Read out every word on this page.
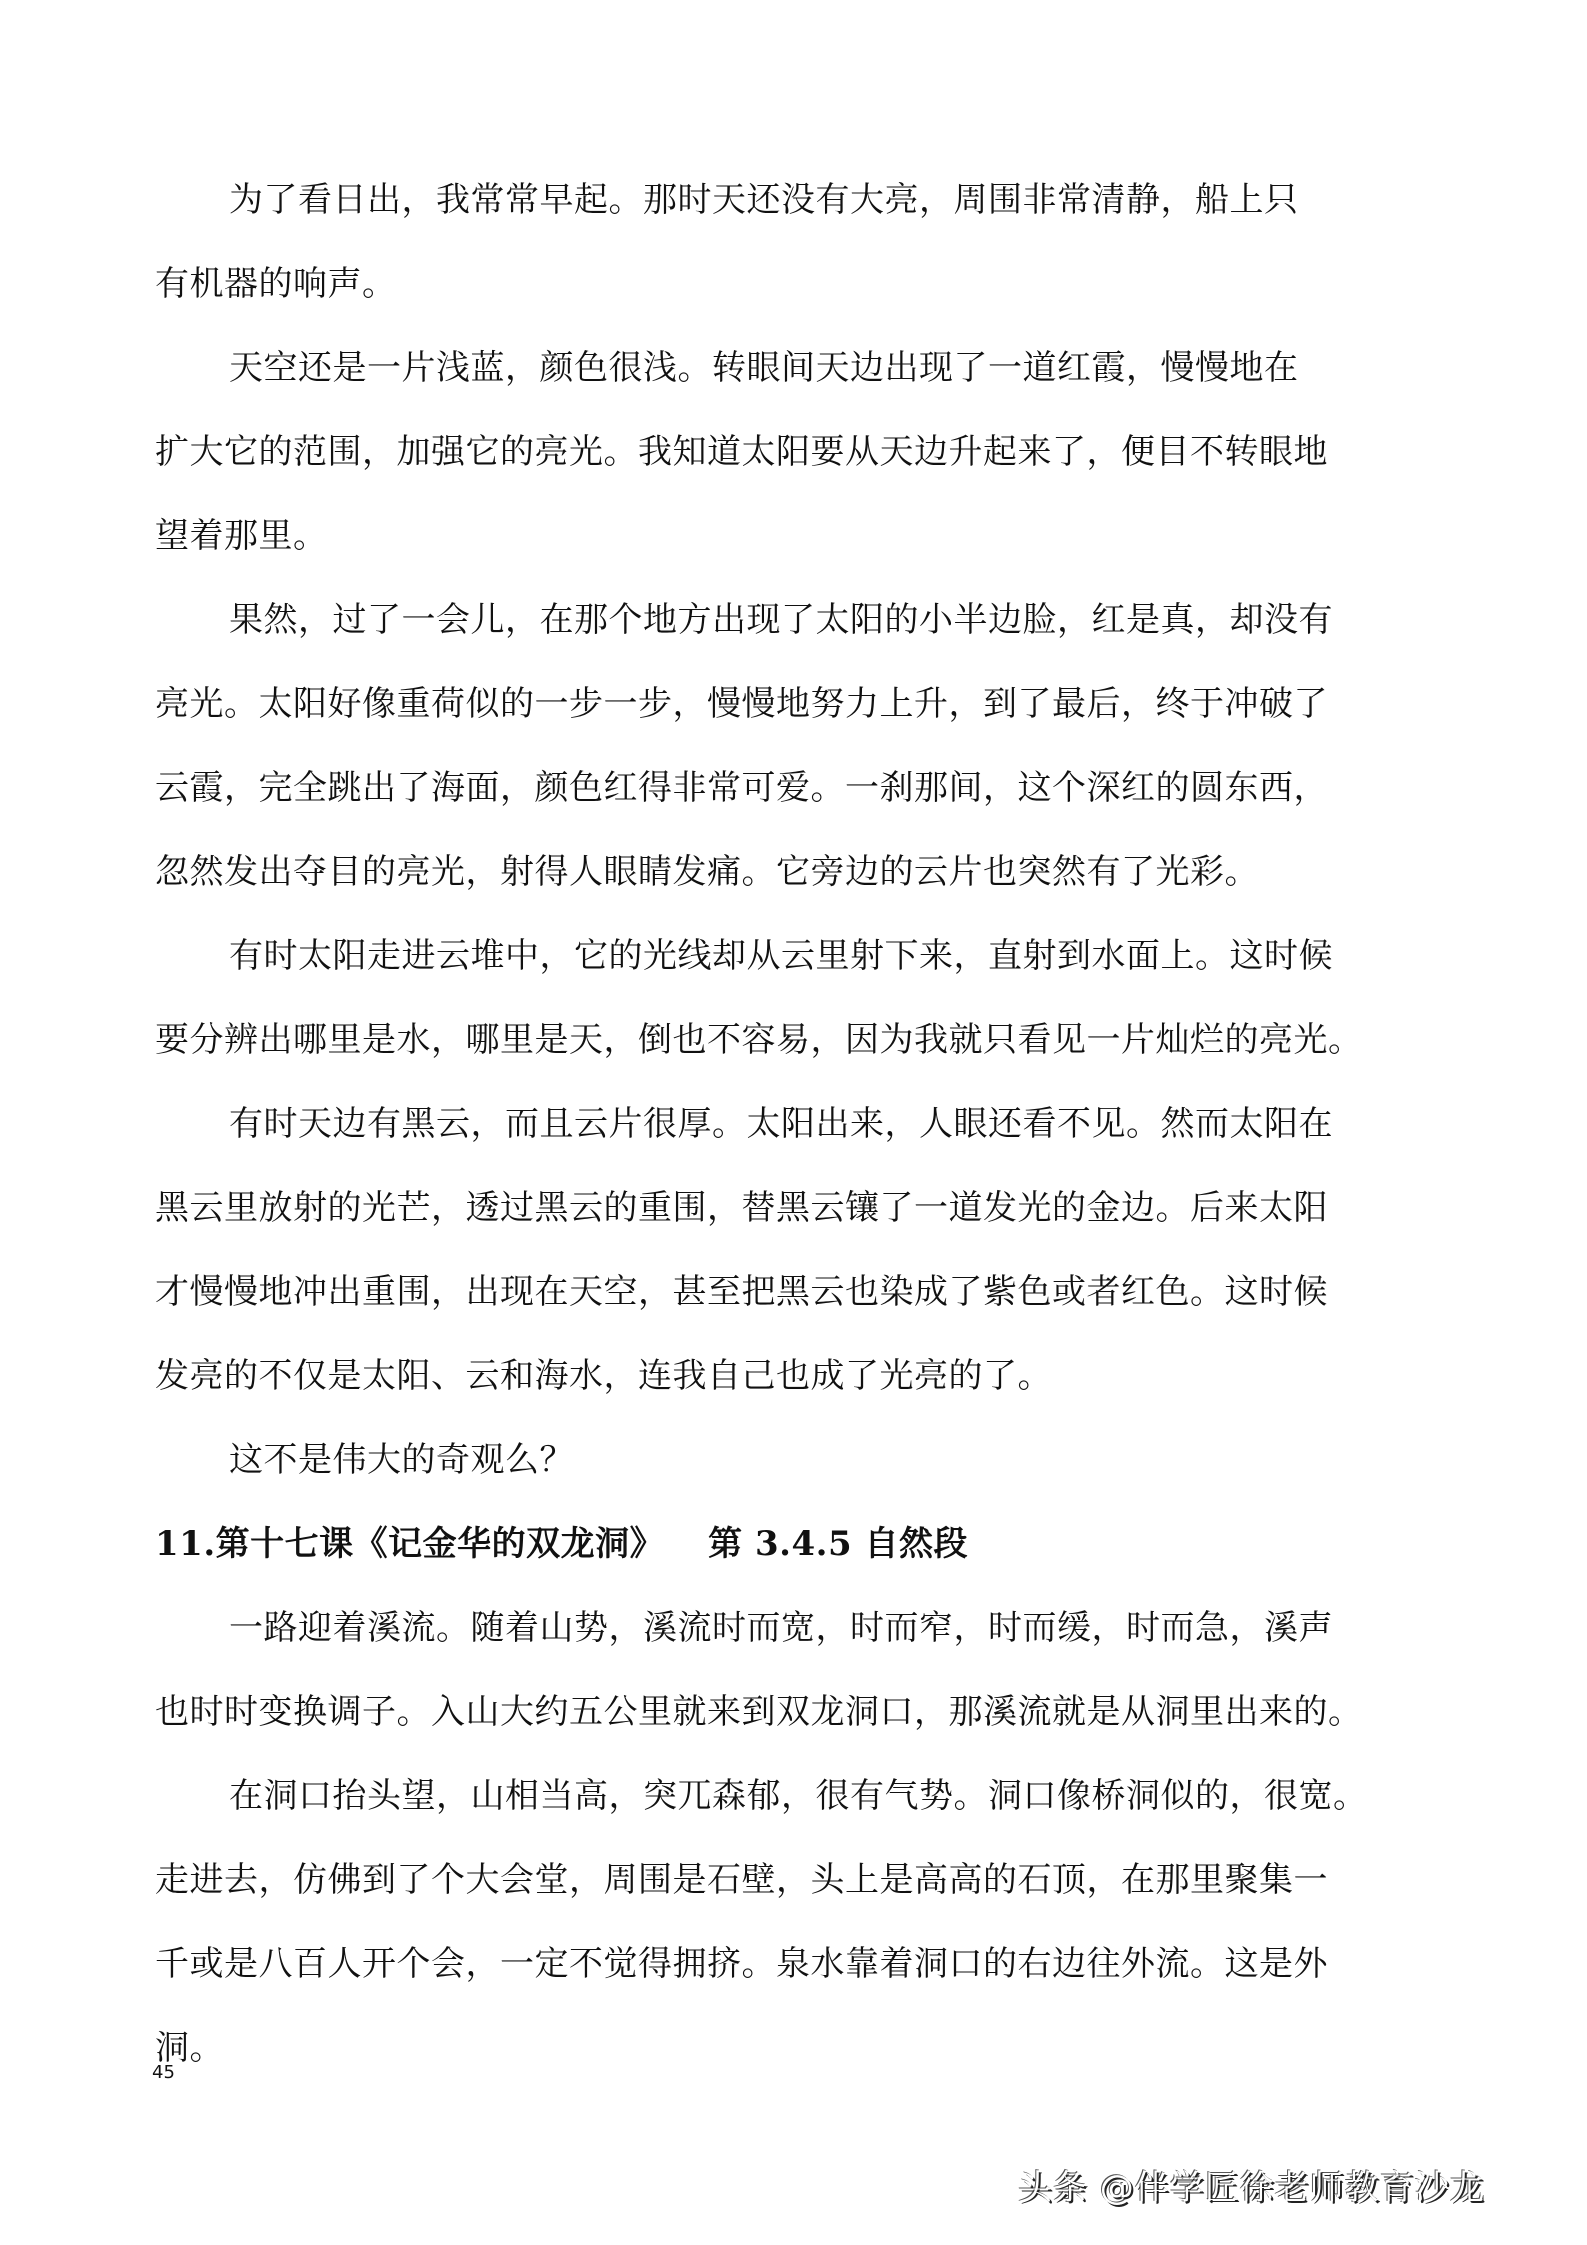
为了看日出，我常常早起。那时天还没有大亮，周围非常清静，船上只
有机器的响声。

天空还是一片浅蓝，颜色很浅。转眼间天边出现了一道红霞，慢慢地在
扩大它的范围，加强它的亮光。我知道太阳要从天边升起来了，便目不转眼地
望着那里。

果然，过了一会儿，在那个地方出现了太阳的小半边脸，红是真，却没有
亮光。太阳好像重荷似的一步一步，慢慢地努力上升，到了最后，终于冲破了
云霞，完全跳出了海面，颜色红得非常可爱。一刹那间，这个深红的圆东西，
忽然发出夺目的亮光，射得人眼睛发痛。它旁边的云片也突然有了光彩。

有时太阳走进云堆中，它的光线却从云里射下来，直射到水面上。这时候
要分辨出哪里是水，哪里是天，倒也不容易，因为我就只看见一片灿烂的亮光。

有时天边有黑云，而且云片很厚。太阳出来，人眼还看不见。然而太阳在
黑云里放射的光芒，透过黑云的重围，替黑云镶了一道发光的金边。后来太阳
才慢慢地冲出重围，出现在天空，甚至把黑云也染成了紫色或者红色。这时候
发亮的不仅是太阳、云和海水，连我自己也成了光亮的了。

这不是伟大的奇观么？

11.第十七课《记金华的双龙洞》 第 3.4.5 自然段

一路迎着溪流。随着山势，溪流时而宽，时而窄，时而缓，时而急，溪声
也时时变换调子。入山大约五公里就来到双龙洞口，那溪流就是从洞里出来的。

在洞口抬头望，山相当高，突兀森郁，很有气势。洞口像桥洞似的，很宽。
走进去，仿佛到了个大会堂，周围是石壁，头上是高高的石顶，在那里聚集一
千或是八百人开个会，一定不觉得拥挤。泉水靠着洞口的右边往外流。这是外
洞。

45
头条 @伴学匠徐老师教育沙龙
